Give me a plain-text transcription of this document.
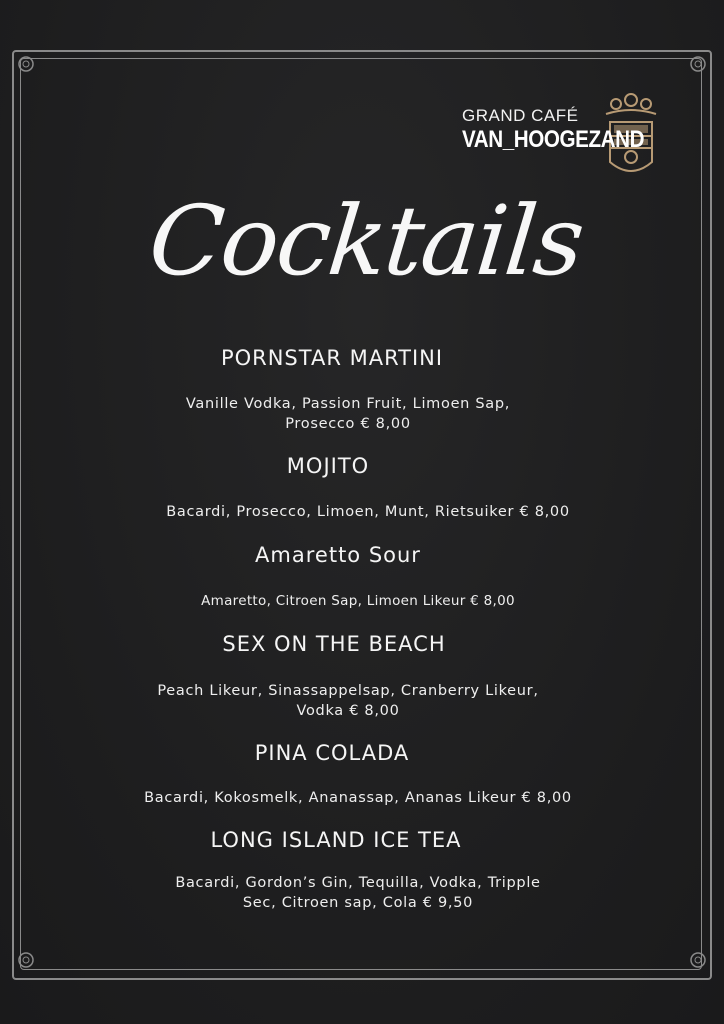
GRAND CAFÉ
VAN_HOOGEZAND
Cocktails
PORNSTAR MARTINI
Vanille Vodka, Passion Fruit, Limoen Sap, Prosecco € 8,00
MOJITO
Bacardi, Prosecco, Limoen, Munt, Rietsuiker € 8,00
Amaretto Sour
Amaretto, Citroen Sap, Limoen Likeur € 8,00
SEX ON THE BEACH
Peach Likeur, Sinassappelsap, Cranberry Likeur, Vodka € 8,00
PINA COLADA
Bacardi, Kokosmelk, Ananassap, Ananas Likeur € 8,00
LONG ISLAND ICE TEA
Bacardi, Gordon’s Gin, Tequilla, Vodka, Tripple Sec, Citroen sap, Cola € 9,50
